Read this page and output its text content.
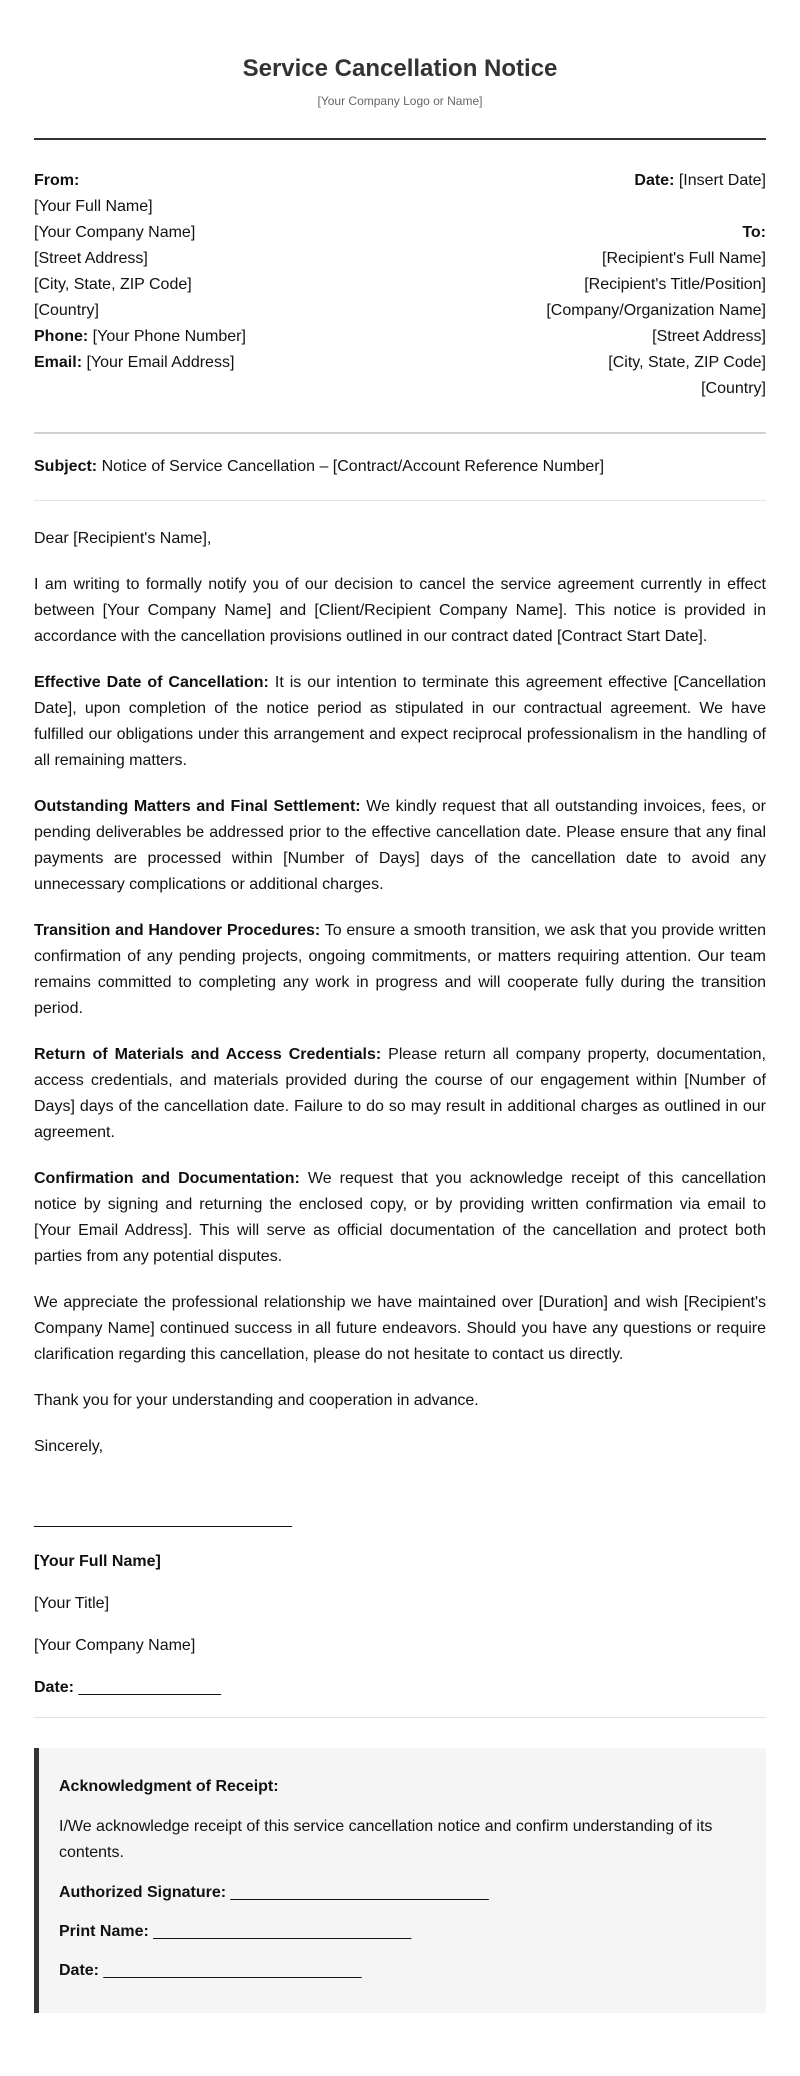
Service Cancellation Notice
[Your Company Logo or Name]
From:
[Your Full Name]
[Your Company Name]
[Street Address]
[City, State, ZIP Code]
[Country]
Phone: [Your Phone Number]
Email: [Your Email Address]
Date: [Insert Date]
To:
[Recipient's Full Name]
[Recipient's Title/Position]
[Company/Organization Name]
[Street Address]
[City, State, ZIP Code]
[Country]
Subject: Notice of Service Cancellation – [Contract/Account Reference Number]

Dear [Recipient's Name],

I am writing to formally notify you of our decision to cancel the service agreement currently in effect between [Your Company Name] and [Client/Recipient Company Name]. This notice is provided in accordance with the cancellation provisions outlined in our contract dated [Contract Start Date].

Effective Date of Cancellation: It is our intention to terminate this agreement effective [Cancellation Date], upon completion of the notice period as stipulated in our contractual agreement. We have fulfilled our obligations under this arrangement and expect reciprocal professionalism in the handling of all remaining matters.

Outstanding Matters and Final Settlement: We kindly request that all outstanding invoices, fees, or pending deliverables be addressed prior to the effective cancellation date. Please ensure that any final payments are processed within [Number of Days] days of the cancellation date to avoid any unnecessary complications or additional charges.

Transition and Handover Procedures: To ensure a smooth transition, we ask that you provide written confirmation of any pending projects, ongoing commitments, or matters requiring attention. Our team remains committed to completing any work in progress and will cooperate fully during the transition period.

Return of Materials and Access Credentials: Please return all company property, documentation, access credentials, and materials provided during the course of our engagement within [Number of Days] days of the cancellation date. Failure to do so may result in additional charges as outlined in our agreement.

Confirmation and Documentation: We request that you acknowledge receipt of this cancellation notice by signing and returning the enclosed copy, or by providing written confirmation via email to [Your Email Address]. This will serve as official documentation of the cancellation and protect both parties from any potential disputes.

We appreciate the professional relationship we have maintained over [Duration] and wish [Recipient's Company Name] continued success in all future endeavors. Should you have any questions or require clarification regarding this cancellation, please do not hesitate to contact us directly.

Thank you for your understanding and cooperation in advance.

Sincerely,

_____________________________
[Your Full Name]
[Your Title]
[Your Company Name]
Date: ________________
Acknowledgment of Receipt:
I/We acknowledge receipt of this service cancellation notice and confirm understanding of its contents.
Authorized Signature: _____________________________
Print Name: _____________________________
Date: _____________________________
